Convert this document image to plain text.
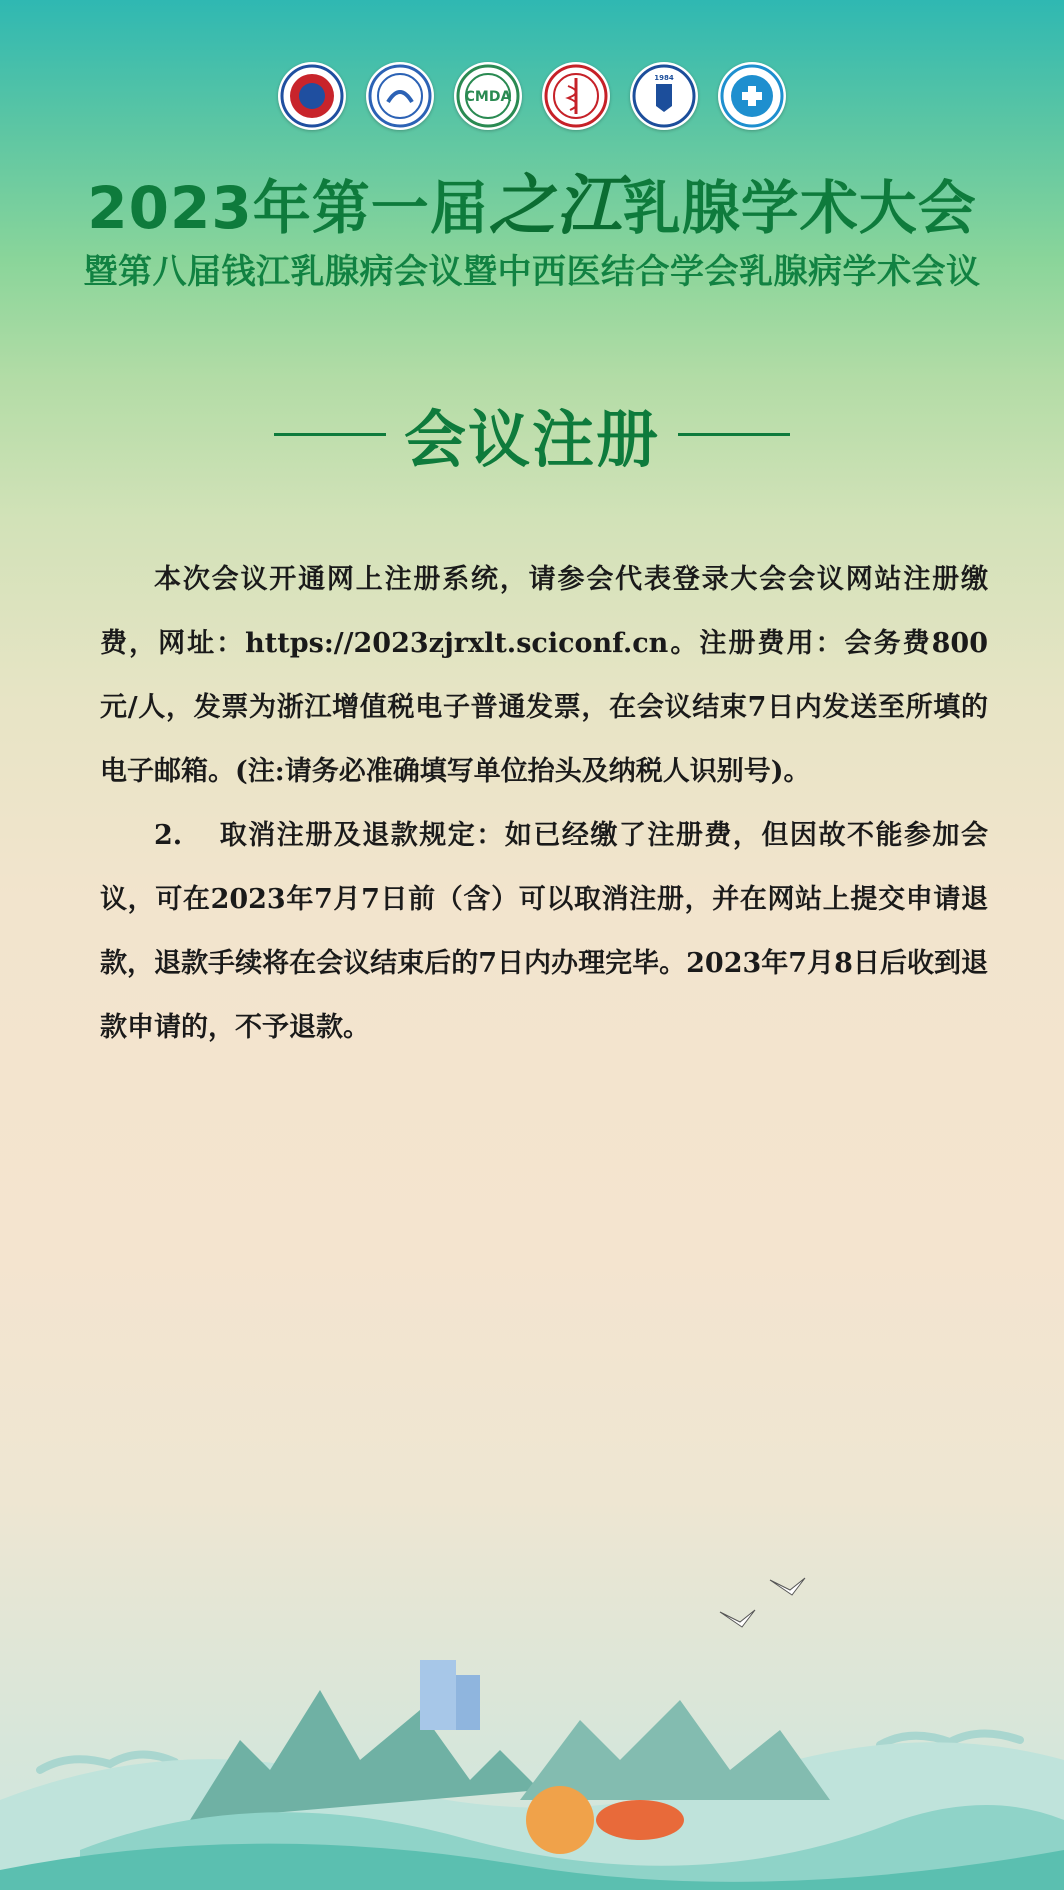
CMDA
1984
2023年第一届之江乳腺学术大会
暨第八届钱江乳腺病会议暨中西医结合学会乳腺病学术会议
会议注册

本次会议开通网上注册系统，请参会代表登录大会会议网站注册缴费，网址：https://2023zjrxlt.sciconf.cn。注册费用：会务费800元/人，发票为浙江增值税电子普通发票，在会议结束7日内发送至所填的电子邮箱。(注:请务必准确填写单位抬头及纳税人识别号)。

2. 取消注册及退款规定：如已经缴了注册费，但因故不能参加会议，可在2023年7月7日前（含）可以取消注册，并在网站上提交申请退款，退款手续将在会议结束后的7日内办理完毕。2023年7月8日后收到退款申请的，不予退款。
